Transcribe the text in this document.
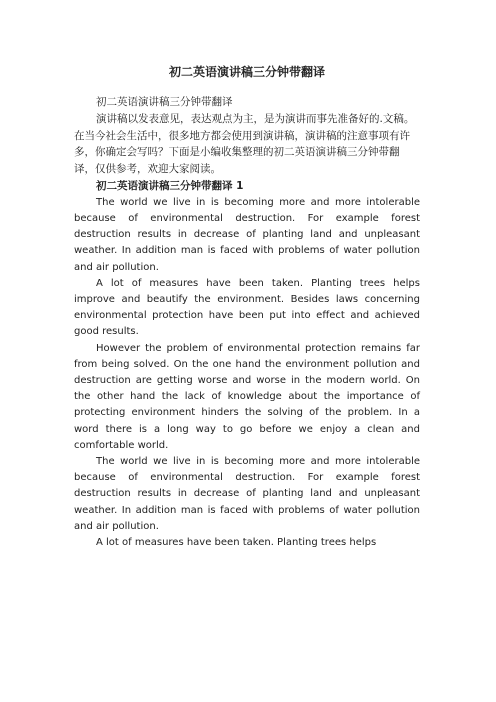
初二英语演讲稿三分钟带翻译

初二英语演讲稿三分钟带翻译

演讲稿以发表意见，表达观点为主，是为演讲而事先准备好的.文稿。在当今社会生活中，很多地方都会使用到演讲稿，演讲稿的注意事项有许多，你确定会写吗？下面是小编收集整理的初二英语演讲稿三分钟带翻译，仅供参考，欢迎大家阅读。

初二英语演讲稿三分钟带翻译 1

The world we live in is becoming more and more intolerable because of environmental destruction. For example forest destruction results in decrease of planting land and unpleasant weather. In addition man is faced with problems of water pollution and air pollution.

A lot of measures have been taken. Planting trees helps improve and beautify the environment. Besides laws concerning environmental protection have been put into effect and achieved good results.

However the problem of environmental protection remains far from being solved. On the one hand the environment pollution and destruction are getting worse and worse in the modern world. On the other hand the lack of knowledge about the importance of protecting environment hinders the solving of the problem. In a word there is a long way to go before we enjoy a clean and comfortable world.

The world we live in is becoming more and more intolerable because of environmental destruction. For example forest destruction results in decrease of planting land and unpleasant weather. In addition man is faced with problems of water pollution and air pollution.

A lot of measures have been taken. Planting trees helps
